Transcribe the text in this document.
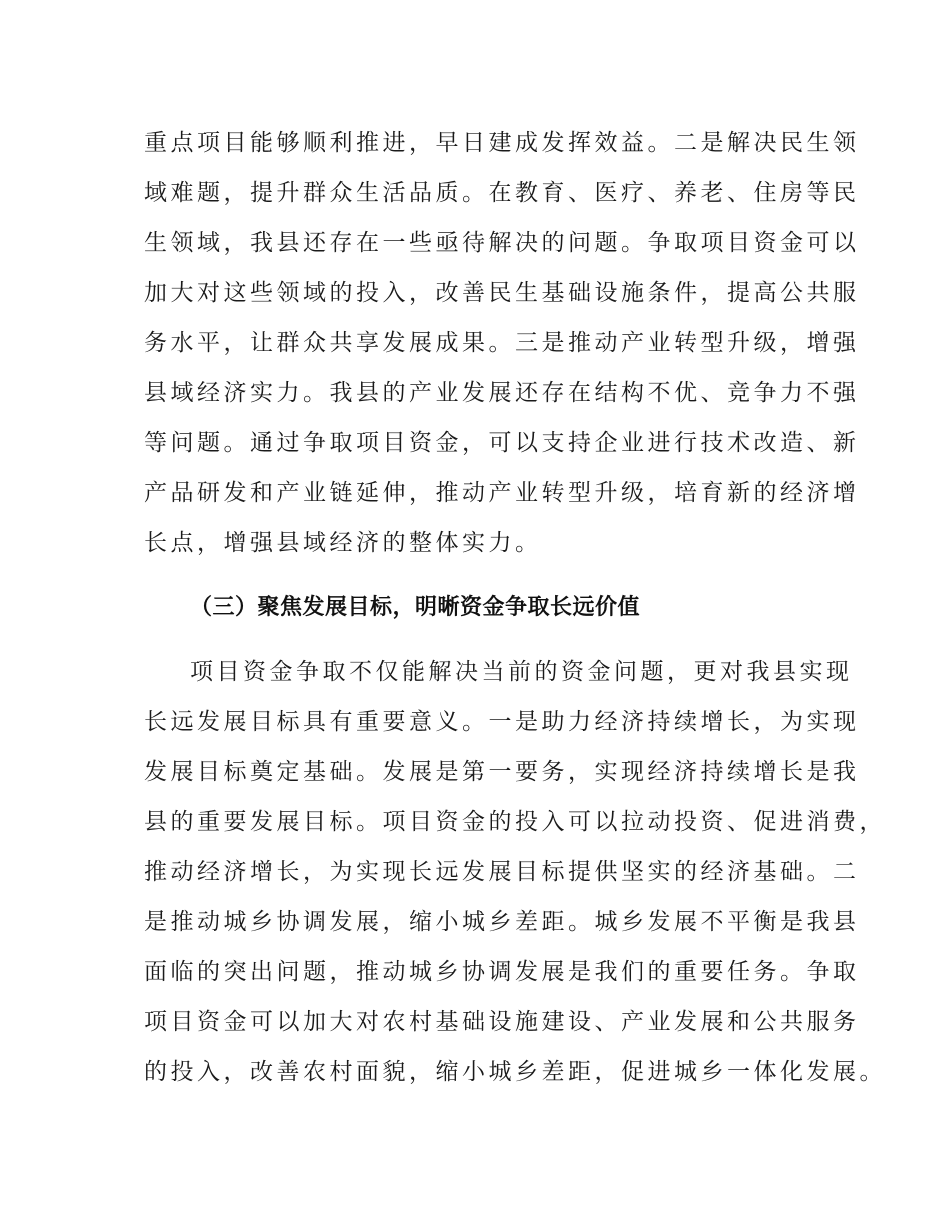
重点项目能够顺利推进，早日建成发挥效益。二是解决民生领

域难题，提升群众生活品质。在教育、医疗、养老、住房等民

生领域，我县还存在一些亟待解决的问题。争取项目资金可以

加大对这些领域的投入，改善民生基础设施条件，提高公共服

务水平，让群众共享发展成果。三是推动产业转型升级，增强

县域经济实力。我县的产业发展还存在结构不优、竞争力不强

等问题。通过争取项目资金，可以支持企业进行技术改造、新

产品研发和产业链延伸，推动产业转型升级，培育新的经济增

长点，增强县域经济的整体实力。

（三）聚焦发展目标，明晰资金争取长远价值

项目资金争取不仅能解决当前的资金问题，更对我县实现

长远发展目标具有重要意义。一是助力经济持续增长，为实现

发展目标奠定基础。发展是第一要务，实现经济持续增长是我

县的重要发展目标。项目资金的投入可以拉动投资、促进消费，

推动经济增长，为实现长远发展目标提供坚实的经济基础。二

是推动城乡协调发展，缩小城乡差距。城乡发展不平衡是我县

面临的突出问题，推动城乡协调发展是我们的重要任务。争取

项目资金可以加大对农村基础设施建设、产业发展和公共服务

的投入，改善农村面貌，缩小城乡差距，促进城乡一体化发展。
